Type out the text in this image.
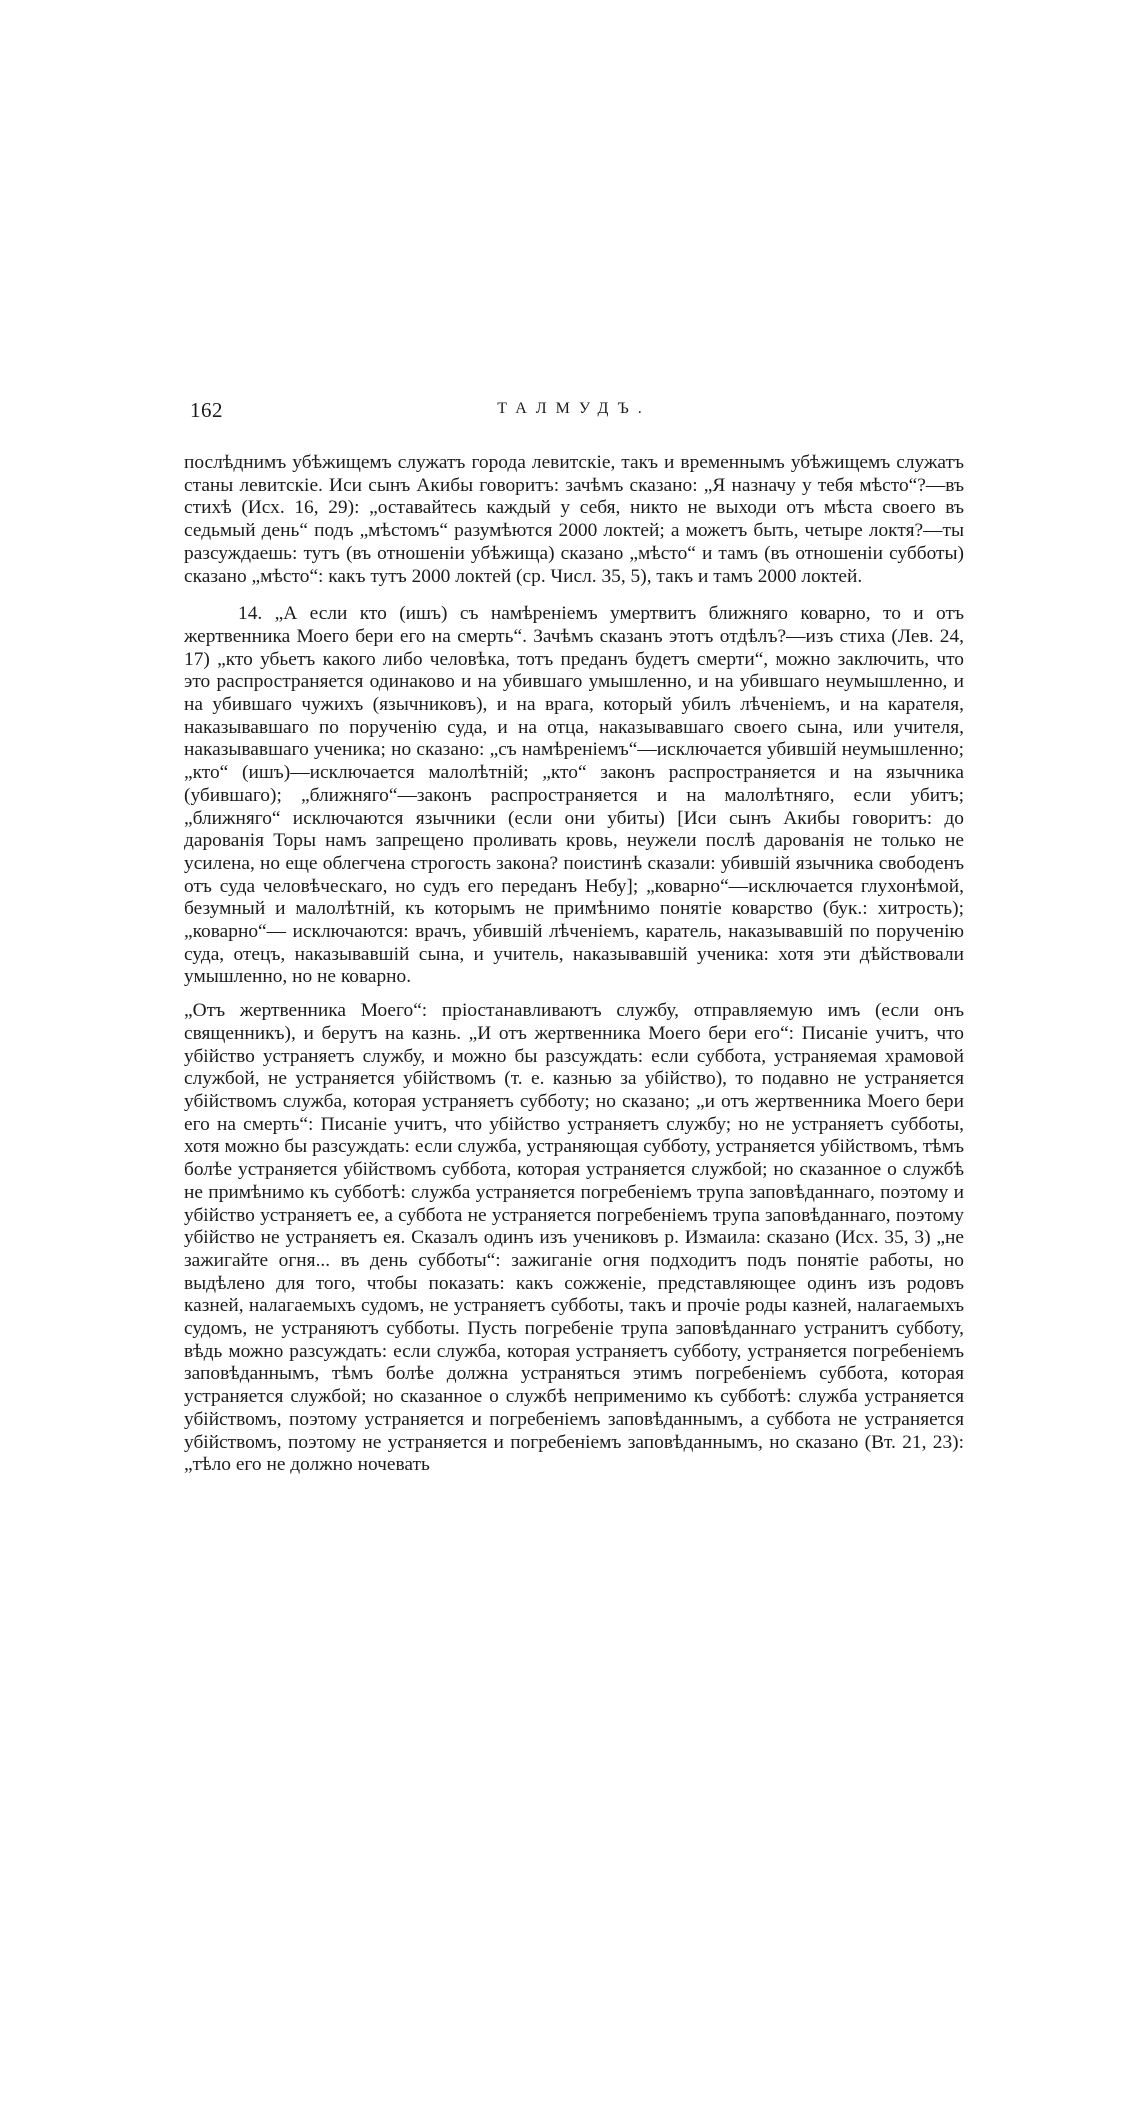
162	ТАЛМУДЪ.

послѣднимъ убѣжищемъ служатъ города левитскіе, такъ и временнымъ убѣжищемъ служатъ станы левитскіе. Иси сынъ Акибы говоритъ: зачѣмъ сказано: „Я назначу у тебя мѣсто“?—въ стихѣ (Исх. 16, 29): „оставайтесь каждый у себя, никто не выходи отъ мѣста своего въ седьмый день“ подъ „мѣстомъ“ разумѣются 2000 локтей; а можетъ быть, четыре локтя?—ты разсуждаешь: тутъ (въ отношеніи убѣжища) сказано „мѣсто“ и тамъ (въ отношеніи субботы) сказано „мѣсто“: какъ тутъ 2000 локтей (ср. Числ. 35, 5), такъ и тамъ 2000 локтей.

14. „А если кто (ишъ) съ намѣреніемъ умертвитъ ближняго коварно, то и отъ жертвенника Моего бери его на смерть“. Зачѣмъ сказанъ этотъ отдѣлъ?—изъ стиха (Лев. 24, 17) „кто убьетъ какого либо человѣка, тотъ преданъ будетъ смерти“, можно заключить, что это распространяется одинаково и на убившаго умышленно, и на убившаго неумышленно, и на убившаго чужихъ (язычниковъ), и на врага, который убилъ лѣченіемъ, и на карателя, наказывавшаго по порученію суда, и на отца, наказывавшаго своего сына, или учителя, наказывавшаго ученика; но сказано: „съ намѣреніемъ“—исключается убившій неумышленно; „кто“ (ишъ)—исключается малолѣтній; „кто“ законъ распространяется и на язычника (убившаго); „ближняго“—законъ распространяется и на малолѣтняго, если убитъ; „ближняго“ исключаются язычники (если они убиты) [Иси сынъ Акибы говоритъ: до дарованія Торы намъ запрещено проливать кровь, неужели послѣ дарованія не только не усилена, но еще облегчена строгость закона? поистинѣ сказали: убившій язычника свободенъ отъ суда человѣческаго, но судъ его переданъ Небу]; „коварно“—исключается глухонѣмой, безумный и малолѣтній, къ которымъ не примѣнимо понятіе коварство (бук.: хитрость); „коварно“— исключаются: врачъ, убившій лѣченіемъ, каратель, наказывавшій по порученію суда, отецъ, наказывавшій сына, и учитель, наказывавшій ученика: хотя эти дѣйствовали умышленно, но не коварно.

„Отъ жертвенника Моего“: пріостанавливаютъ службу, отправляемую имъ (если онъ священникъ), и берутъ на казнь. „И отъ жертвенника Моего бери его“: Писаніе учитъ, что убійство устраняетъ службу, и можно бы разсуждать: если суббота, устраняемая храмовой службой, не устраняется убійствомъ (т. е. казнью за убійство), то подавно не устраняется убійствомъ служба, которая устраняетъ субботу; но сказано; „и отъ жертвенника Моего бери его на смерть“: Писаніе учитъ, что убійство устраняетъ службу; но не устраняетъ субботы, хотя можно бы разсуждать: если служба, устраняющая субботу, устраняется убійствомъ, тѣмъ болѣе устраняется убійствомъ суббота, которая устраняется службой; но сказанное о службѣ не примѣнимо къ субботѣ: служба устраняется погребеніемъ трупа заповѣданнаго, поэтому и убійство устраняетъ ее, а суббота не устраняется погребеніемъ трупа заповѣданнаго, поэтому убійство не устраняетъ ея. Сказалъ одинъ изъ учениковъ р. Измаила: сказано (Исх. 35, 3) „не зажигайте огня... въ день субботы“: зажиганіе огня подходитъ подъ понятіе работы, но выдѣлено для того, чтобы показать: какъ сожженіе, представляющее одинъ изъ родовъ казней, налагаемыхъ судомъ, не устраняетъ субботы, такъ и прочіе роды казней, налагаемыхъ судомъ, не устраняютъ субботы. Пусть погребеніе трупа заповѣданнаго устранитъ субботу, вѣдь можно разсуждать: если служба, которая устраняетъ субботу, устраняется погребеніемъ заповѣданнымъ, тѣмъ болѣе должна устраняться этимъ погребеніемъ суббота, которая устраняется службой; но сказанное о службѣ неприменимо къ субботѣ: служба устраняется убійствомъ, поэтому устраняется и погребеніемъ заповѣданнымъ, а суббота не устраняется убійствомъ, поэтому не устраняется и погребеніемъ заповѣданнымъ, но сказано (Вт. 21, 23): „тѣло его не должно ночевать
